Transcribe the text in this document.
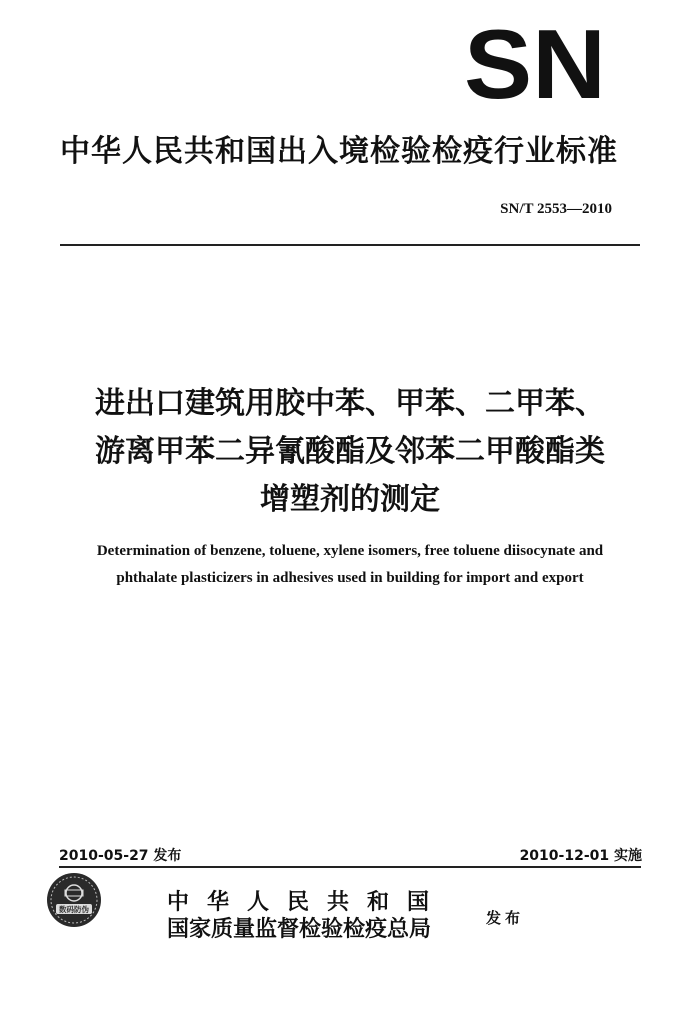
SN
中华人民共和国出入境检验检疫行业标准
SN/T 2553—2010
进出口建筑用胶中苯、甲苯、二甲苯、
游离甲苯二异氰酸酯及邻苯二甲酸酯类
增塑剂的测定
Determination of benzene, toluene, xylene isomers, free toluene diisocynate and
phthalate plasticizers in adhesives used in building for import and export
2010-05-27 发布	2010-12-01 实施
数码防伪	中华人民共和国
国家质量监督检验检疫总局	发布
